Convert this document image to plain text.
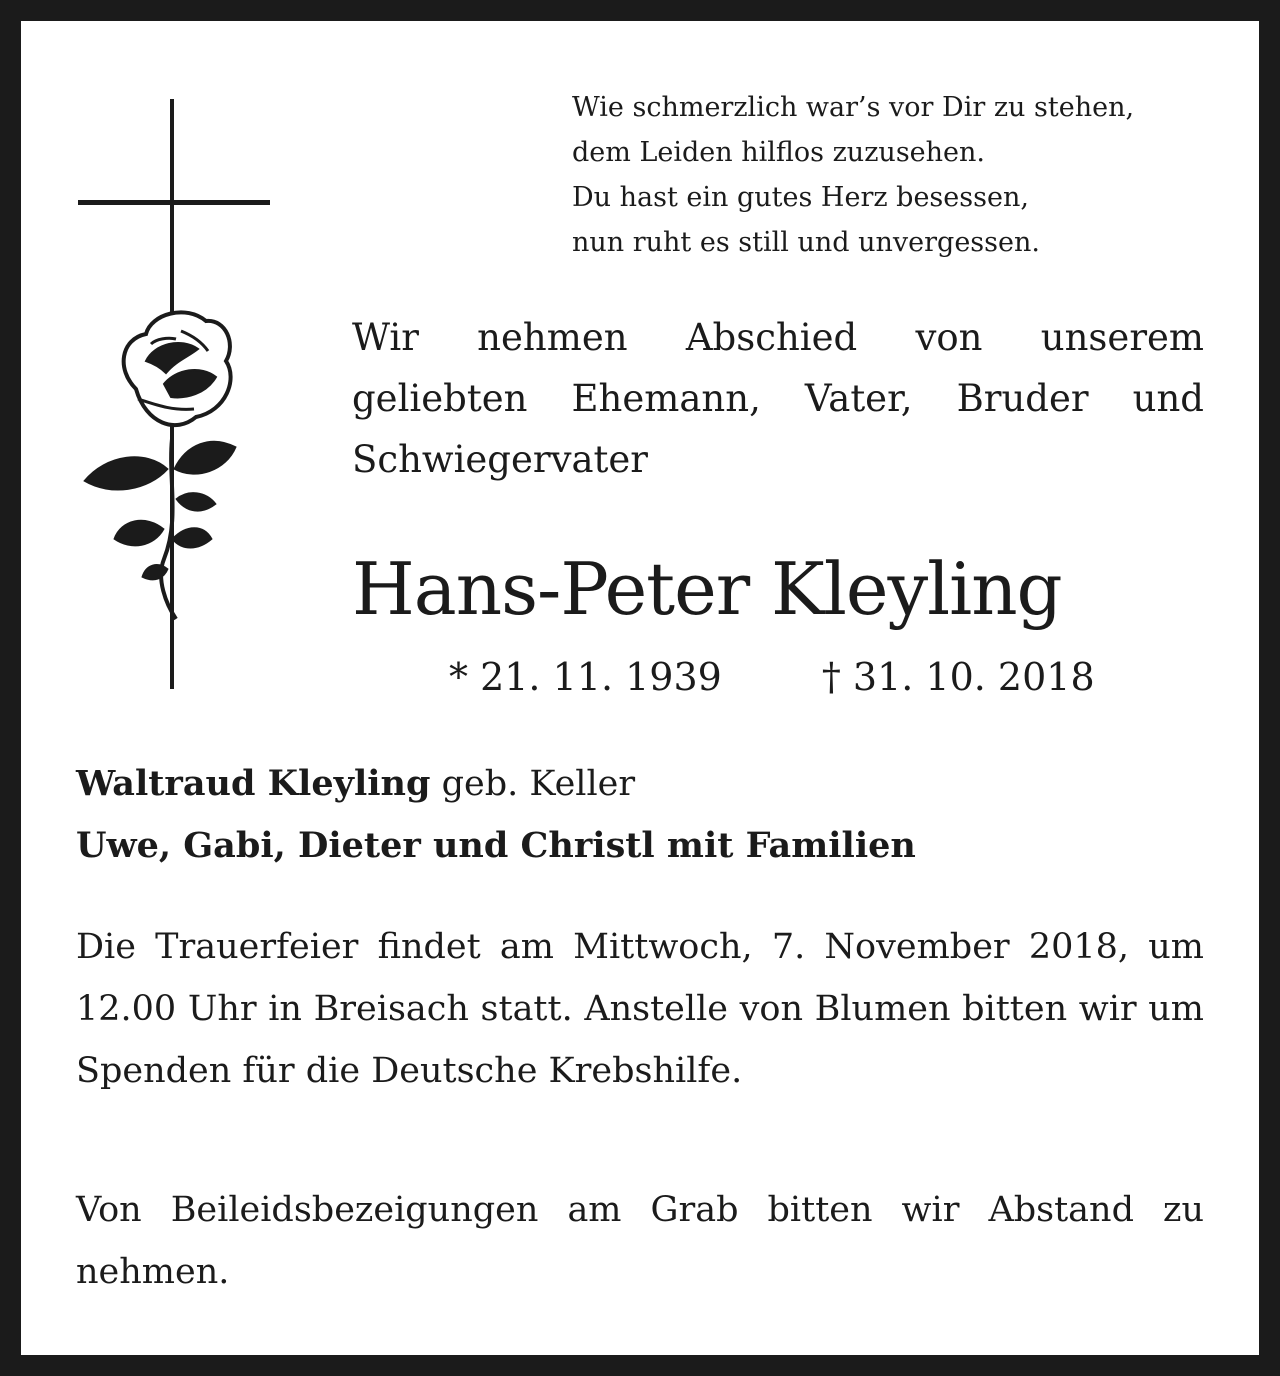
Wie schmerzlich war’s vor Dir zu stehen,
dem Leiden hilflos zuzusehen.
Du hast ein gutes Herz besessen,
nun ruht es still und unvergessen.
Wir nehmen Abschied von unserem geliebten Ehemann, Vater, Bruder und Schwiegervater
Hans-Peter Kleyling
* 21. 11. 1939	† 31. 10. 2018
Waltraud Kleyling geb. Keller
Uwe, Gabi, Dieter und Christl mit Familien
Die Trauerfeier findet am Mittwoch, 7. November 2018, um 12.00 Uhr in Breisach statt. Anstelle von Blumen bitten wir um Spenden für die Deutsche Krebshilfe.
Von Beileidsbezeigungen am Grab bitten wir Abstand zu nehmen.
